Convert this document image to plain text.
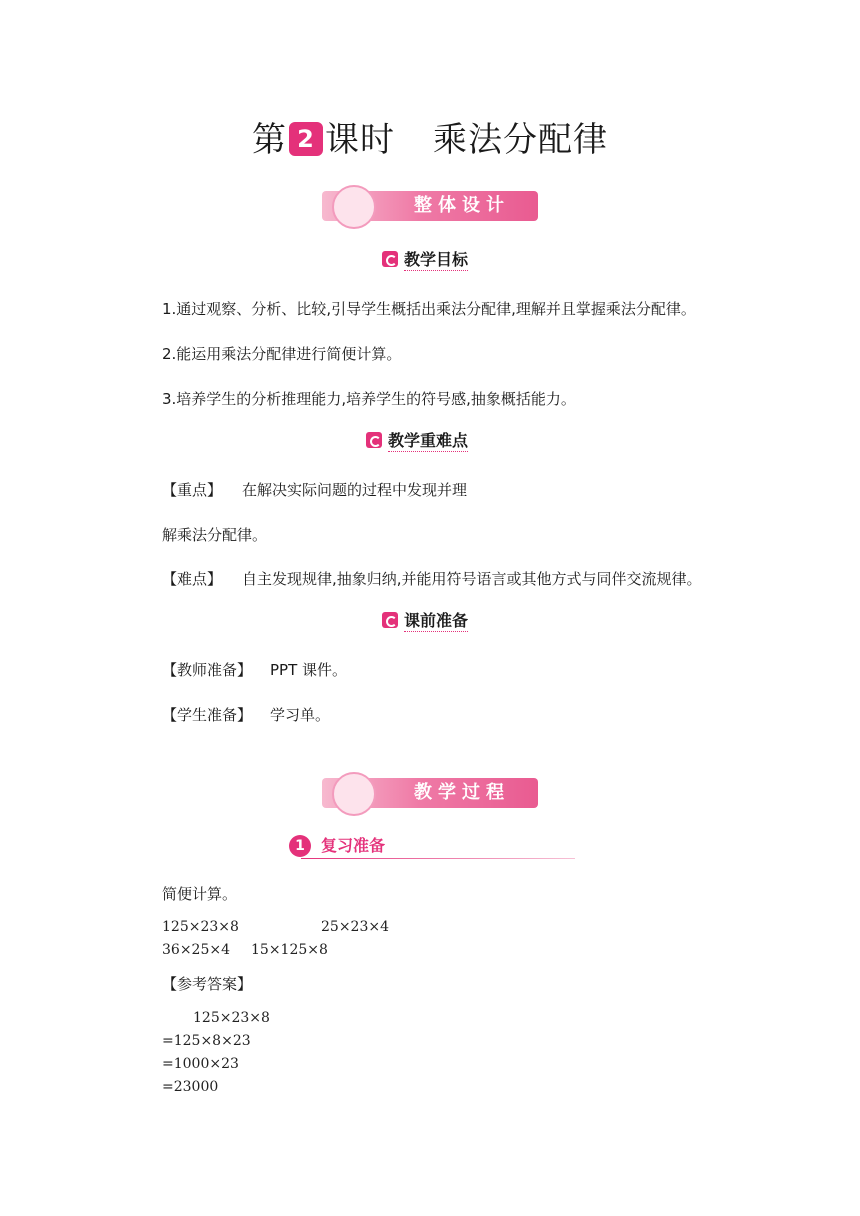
第 2 课时 乘法分配律
整体设计
教学目标
1.通过观察、分析、比较,引导学生概括出乘法分配律,理解并且掌握乘法分配律。
2.能运用乘法分配律进行简便计算。
3.培养学生的分析推理能力,培养学生的符号感,抽象概括能力。
教学重难点
【重点】 在解决实际问题的过程中发现并理
解乘法分配律。
【难点】 自主发现规律,抽象归纳,并能用符号语言或其他方式与同伴交流规律。
课前准备
【教师准备】 PPT 课件。
【学生准备】 学习单。
教学过程
1	复习准备
简便计算。
125×23×8	25×23×4
36×25×4 15×125×8
【参考答案】
125×23×8
=125×8×23
=1000×23
=23000
